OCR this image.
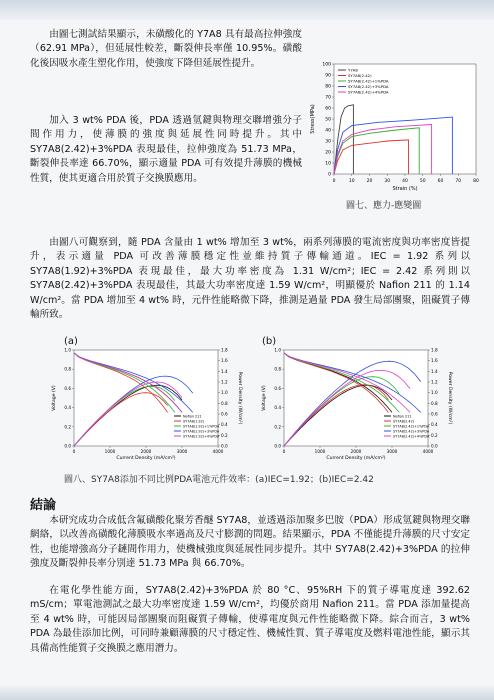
由圖七測試結果顯示，未磺酸化的 Y7A8 具有最高拉伸強度（62.91 MPa），但延展性較差，斷裂伸長率僅 10.95%。磺酸化後因吸水產生塑化作用，使強度下降但延展性提升。

加入 3 wt% PDA 後，PDA 透過氫鍵與物理交聯增強分子間作用力，使薄膜的強度與延展性同時提升。其中 SY7A8(2.42)+3%PDA 表現最佳，拉伸強度為 51.73 MPa，斷裂伸長率達 66.70%，顯示適量 PDA 可有效提升薄膜的機械性質，使其更適合用於質子交換膜應用。	0	10	20	30	40	50	60	70	80
0
10
20
30
40
50
60
70
80
90
100
Strain (%)
Stress(MPa)
Y7A8
SY7A8(2.42)
SY7A8(2.42)+1%PDA
SY7A8(2.42)+3%PDA
SY7A8(2.42)+4%PDA

圖七、應力-應變圖

由圖八可觀察到，隨 PDA 含量由 1 wt% 增加至 3 wt%，兩系列薄膜的電流密度與功率密度皆提升，表示適量 PDA 可改善薄膜穩定性並維持質子傳輸通道。IEC = 1.92 系列以 SY7A8(1.92)+3%PDA 表現最佳，最大功率密度為 1.31 W/cm²；IEC = 2.42 系列則以 SY7A8(2.42)+3%PDA 表現最佳，其最大功率密度達 1.59 W/cm²，明顯優於 Nafion 211 的 1.14 W/cm²。當 PDA 增加至 4 wt% 時，元件性能略微下降，推測是過量 PDA 發生局部團聚，阻礙質子傳輸所致。

(a)	(b)
0	1000	2000	3000	4000
0.0
0.2
0.4
0.6
0.8
1.0
0.0
0.2
0.4
0.6
0.8
1.0
1.2
1.4
1.6
1.8
Current Density (mA/cm²)
Voltage (V)	Power Density (W/cm²)
Nafion 211
SY7A8(1.92)
SY7A8(1.92)+1%PDA
SY7A8(1.92)+3%PDA
SY7A8(1.92)+4%PDA
0	1000	2000	3000	4000
0.0
0.2
0.4
0.6
0.8
1.0
0.0
0.2
0.4
0.6
0.8
1.0
1.2
1.4
1.6
1.8
Current Density (mA/cm²)
Voltage (V)	Power Density (W/cm²)
Nafion 211
SY7A8(2.42)
SY7A8(2.42)+1%PDA
SY7A8(2.42)+3%PDA
SY7A8(2.42)+4%PDA

圖八、SY7A8添加不同比例PDA電池元件效率：(a)IEC=1.92；(b)IEC=2.42

結論

本研究成功合成低含氟磺酸化聚芳香醚 SY7A8，並透過添加聚多巴胺（PDA）形成氫鍵與物理交聯網絡，以改善高磺酸化薄膜吸水率過高及尺寸膨潤的問題。結果顯示，PDA 不僅能提升薄膜的尺寸安定性，也能增強高分子鏈間作用力，使機械強度與延展性同步提升。其中 SY7A8(2.42)+3%PDA 的拉伸強度及斷裂伸長率分別達 51.73 MPa 與 66.70%。

在電化學性能方面，SY7A8(2.42)+3%PDA 於 80 °C、95%RH 下的質子導電度達 392.62 mS/cm；單電池測試之最大功率密度達 1.59 W/cm²，均優於商用 Nafion 211。當 PDA 添加量提高至 4 wt% 時，可能因局部團聚而阻礙質子傳輸，使導電度與元件性能略微下降。綜合而言，3 wt% PDA 為最佳添加比例，可同時兼顧薄膜的尺寸穩定性、機械性質、質子導電度及燃料電池性能，顯示其具備高性能質子交換膜之應用潛力。
